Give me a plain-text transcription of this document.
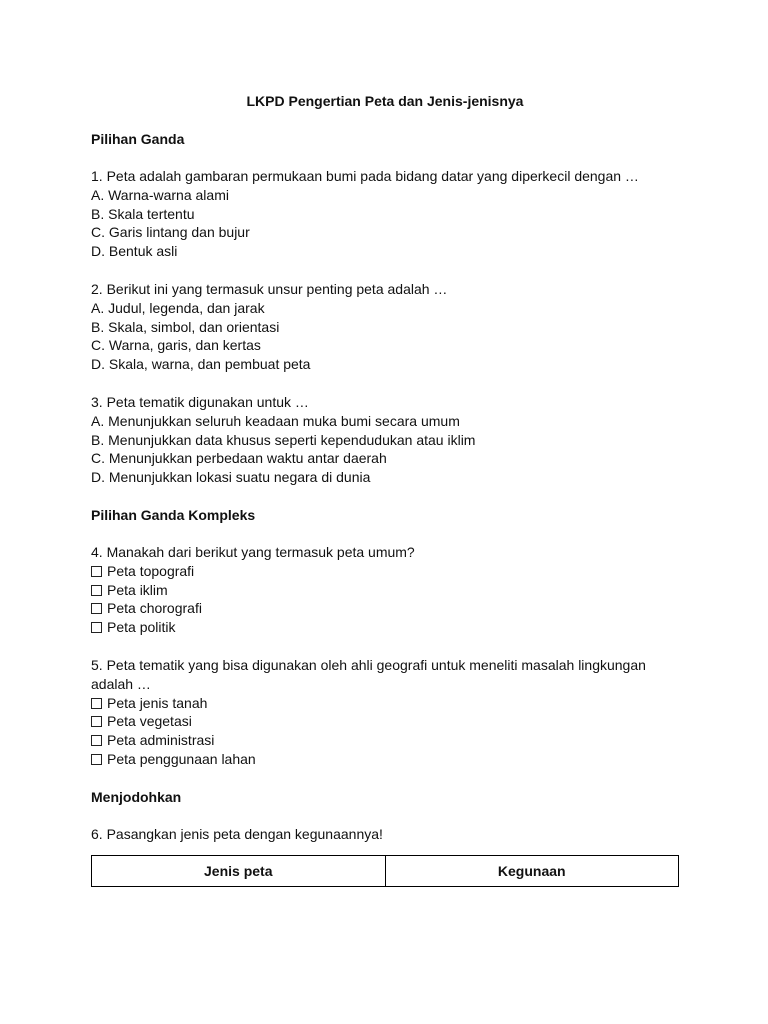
LKPD Pengertian Peta dan Jenis-jenisnya
Pilihan Ganda
1. Peta adalah gambaran permukaan bumi pada bidang datar yang diperkecil dengan …
A. Warna-warna alami
B. Skala tertentu
C. Garis lintang dan bujur
D. Bentuk asli
2. Berikut ini yang termasuk unsur penting peta adalah …
A. Judul, legenda, dan jarak
B. Skala, simbol, dan orientasi
C. Warna, garis, dan kertas
D. Skala, warna, dan pembuat peta
3. Peta tematik digunakan untuk …
A. Menunjukkan seluruh keadaan muka bumi secara umum
B. Menunjukkan data khusus seperti kependudukan atau iklim
C. Menunjukkan perbedaan waktu antar daerah
D. Menunjukkan lokasi suatu negara di dunia
Pilihan Ganda Kompleks
4. Manakah dari berikut yang termasuk peta umum?
Peta topografi
Peta iklim
Peta chorografi
Peta politik
5. Peta tematik yang bisa digunakan oleh ahli geografi untuk meneliti masalah lingkungan
adalah …
Peta jenis tanah
Peta vegetasi
Peta administrasi
Peta penggunaan lahan
Menjodohkan
6. Pasangkan jenis peta dengan kegunaannya!
Jenis peta	Kegunaan
